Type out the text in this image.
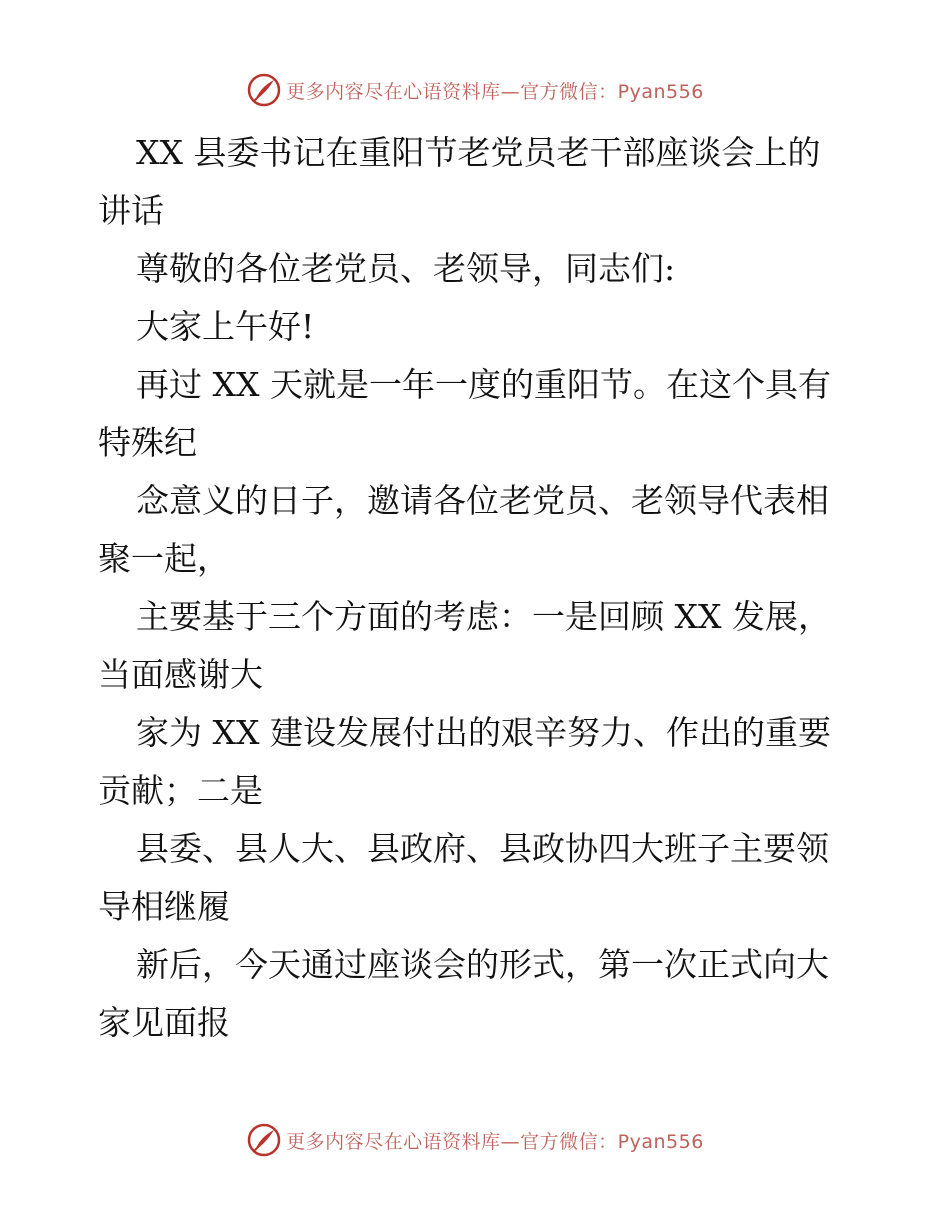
更多内容尽在心语资料库—官方微信：Pyan556

XX 县委书记在重阳节老党员老干部座谈会上的
讲话

尊敬的各位老党员、老领导，同志们:

大家上午好!

再过 XX 天就是一年一度的重阳节。在这个具有
特殊纪

念意义的日子，邀请各位老党员、老领导代表相
聚一起，

主要基于三个方面的考虑：一是回顾 XX 发展，
当面感谢大

家为 XX 建设发展付出的艰辛努力、作出的重要
贡献；二是

县委、县人大、县政府、县政协四大班子主要领
导相继履

新后，今天通过座谈会的形式，第一次正式向大
家见面报

更多内容尽在心语资料库—官方微信：Pyan556
